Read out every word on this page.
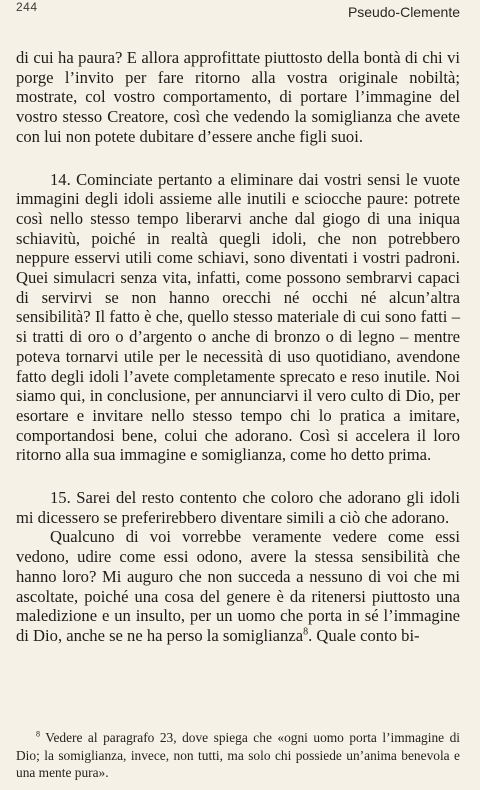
244	Pseudo-Clemente

di cui ha paura? E allora approfittate piuttosto della bontà di chi vi porge l’invito per fare ritorno alla vostra originale nobiltà; mostrate, col vostro comportamento, di portare l’immagine del vostro stesso Creatore, così che vedendo la somiglianza che avete con lui non potete dubitare d’essere anche figli suoi.

14. Cominciate pertanto a eliminare dai vostri sensi le vuote immagini degli idoli assieme alle inutili e sciocche paure: potrete così nello stesso tempo liberarvi anche dal giogo di una iniqua schiavitù, poiché in realtà quegli idoli, che non potrebbero neppure esservi utili come schiavi, sono diventati i vostri padroni. Quei simulacri senza vita, infatti, come possono sembrarvi capaci di servirvi se non hanno orecchi né occhi né alcun’altra sensibilità? Il fatto è che, quello stesso materiale di cui sono fatti – si tratti di oro o d’argento o anche di bronzo o di legno – mentre poteva tornarvi utile per le necessità di uso quotidiano, avendone fatto degli idoli l’avete completamente sprecato e reso inutile. Noi siamo qui, in conclusione, per annunciarvi il vero culto di Dio, per esortare e invitare nello stesso tempo chi lo pratica a imitare, comportandosi bene, colui che adorano. Così si accelera il loro ritorno alla sua immagine e somiglianza, come ho detto prima.

15. Sarei del resto contento che coloro che adorano gli idoli mi dicessero se preferirebbero diventare simili a ciò che adorano.

Qualcuno di voi vorrebbe veramente vedere come essi vedono, udire come essi odono, avere la stessa sensibilità che hanno loro? Mi auguro che non succeda a nessuno di voi che mi ascoltate, poiché una cosa del genere è da ritenersi piuttosto una maledizione e un insulto, per un uomo che porta in sé l’immagine di Dio, anche se ne ha perso la somiglianza$^8$. Quale conto bi-

$^8$ Vedere al paragrafo 23, dove spiega che «ogni uomo porta l’immagine di Dio; la somiglianza, invece, non tutti, ma solo chi possiede un’anima benevola e una mente pura».
